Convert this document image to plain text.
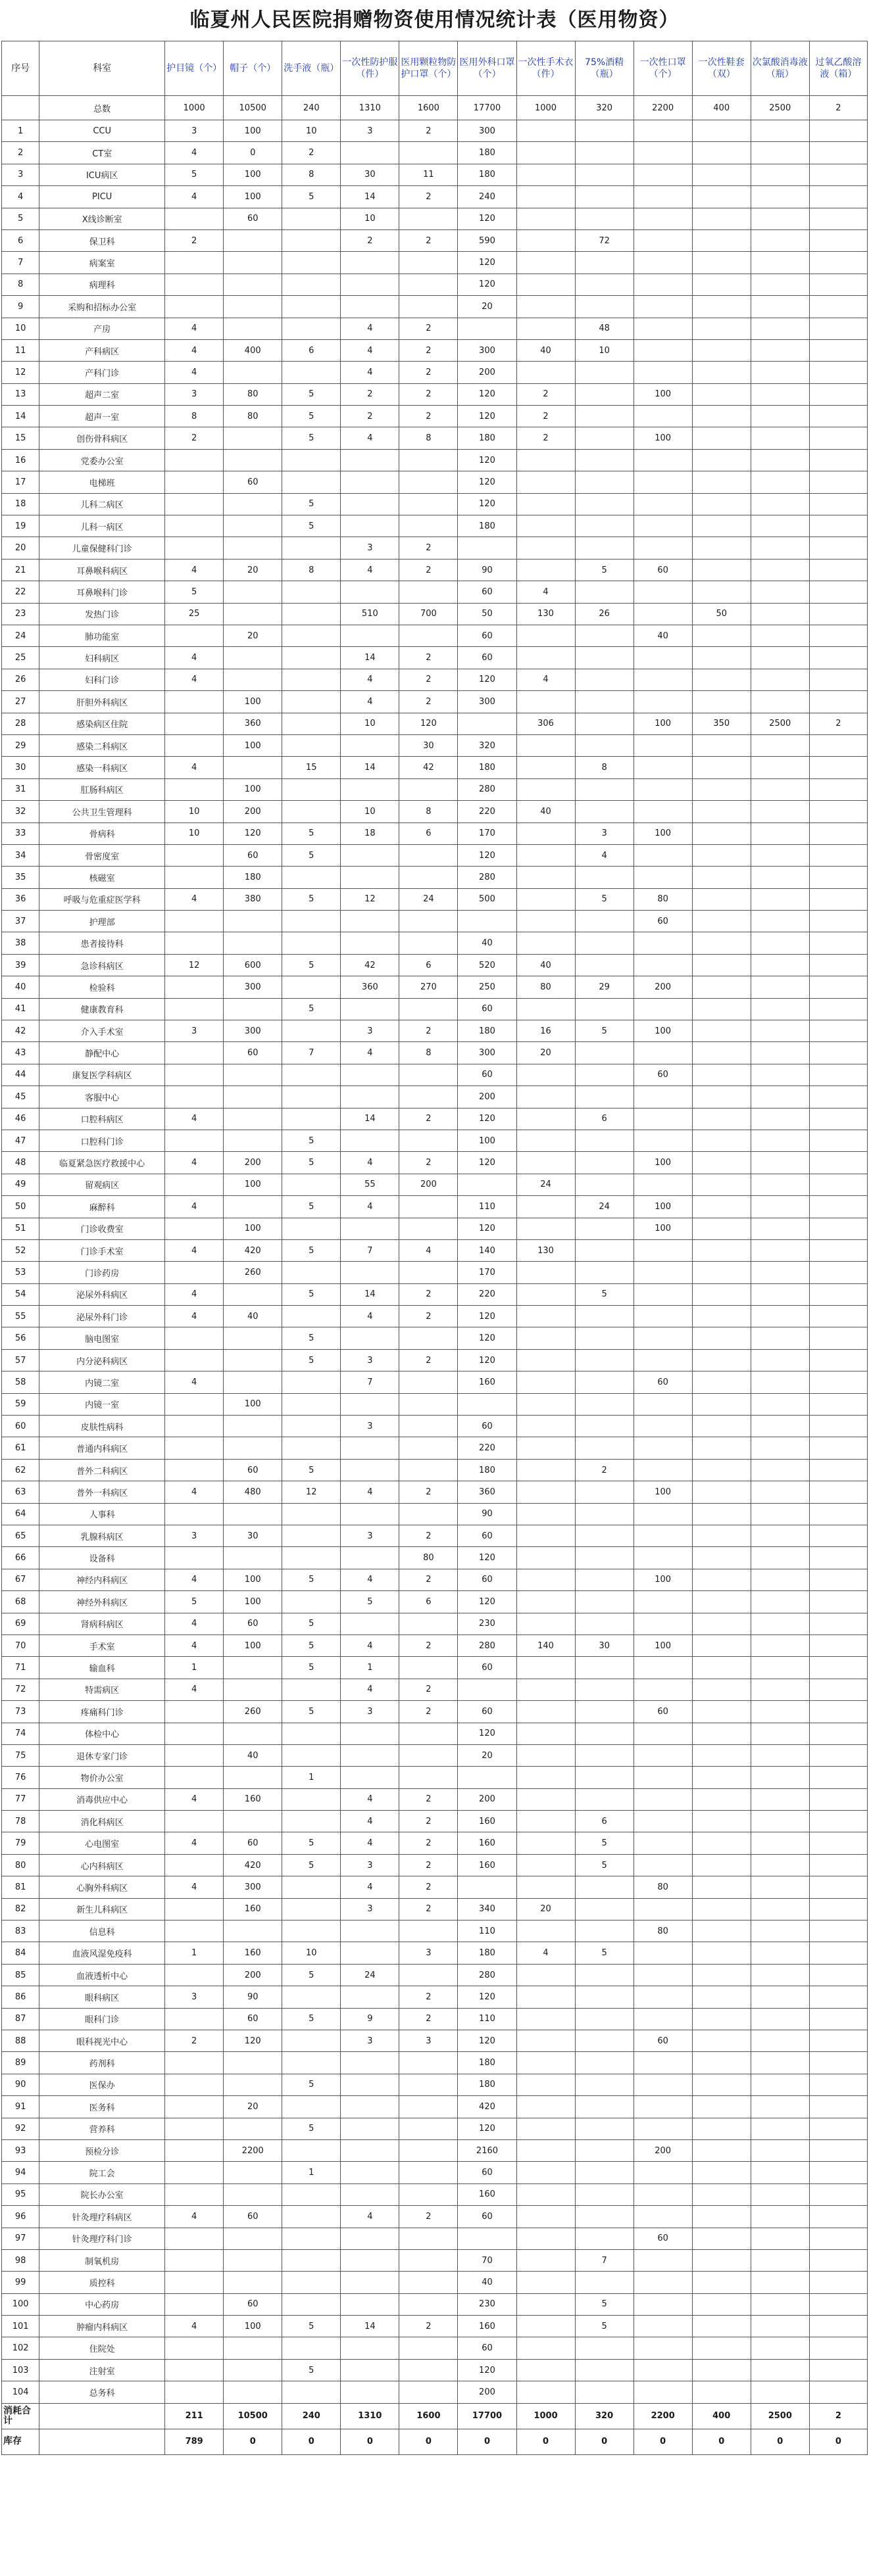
临夏州人民医院捐赠物资使用情况统计表（医用物资）
序号	科室	护目镜（个）	帽子（个）	洗手液（瓶）	一次性防护服（件）	医用颗粒物防护口罩（个）	医用外科口罩（个）	一次性手术衣（件）	75%酒精（瓶）	一次性口罩（个）	一次性鞋套（双）	次氯酸消毒液（瓶）	过氧乙酸溶液（箱）
	总数	1000	10500	240	1310	1600	17700	1000	320	2200	400	2500	2
1	CCU	3	100	10	3	2	300						
2	CT室	4	0	2			180						
3	ICU病区	5	100	8	30	11	180						
4	PICU	4	100	5	14	2	240						
5	X线诊断室		60		10		120						
6	保卫科	2			2	2	590		72				
7	病案室						120						
8	病理科						120						
9	采购和招标办公室						20						
10	产房	4			4	2			48				
11	产科病区	4	400	6	4	2	300	40	10				
12	产科门诊	4			4	2	200						
13	超声二室	3	80	5	2	2	120	2		100			
14	超声一室	8	80	5	2	2	120	2					
15	创伤骨科病区	2		5	4	8	180	2		100			
16	党委办公室						120						
17	电梯班		60				120						
18	儿科二病区			5			120						
19	儿科一病区			5			180						
20	儿童保健科门诊				3	2							
21	耳鼻喉科病区	4	20	8	4	2	90		5	60			
22	耳鼻喉科门诊	5					60	4					
23	发热门诊	25			510	700	50	130	26		50		
24	肺功能室		20				60			40			
25	妇科病区	4			14	2	60						
26	妇科门诊	4			4	2	120	4					
27	肝胆外科病区		100		4	2	300						
28	感染病区住院		360		10	120		306		100	350	2500	2
29	感染二科病区		100			30	320						
30	感染一科病区	4		15	14	42	180		8				
31	肛肠科病区		100				280						
32	公共卫生管理科	10	200		10	8	220	40					
33	骨病科	10	120	5	18	6	170		3	100			
34	骨密度室		60	5			120		4				
35	核磁室		180				280						
36	呼吸与危重症医学科	4	380	5	12	24	500		5	80			
37	护理部									60			
38	患者接待科						40						
39	急诊科病区	12	600	5	42	6	520	40					
40	检验科		300		360	270	250	80	29	200			
41	健康教育科			5			60						
42	介入手术室	3	300		3	2	180	16	5	100			
43	静配中心		60	7	4	8	300	20					
44	康复医学科病区						60			60			
45	客服中心						200						
46	口腔科病区	4			14	2	120		6				
47	口腔科门诊			5			100						
48	临夏紧急医疗救援中心	4	200	5	4	2	120			100			
49	留观病区		100		55	200		24					
50	麻醉科	4		5	4		110		24	100			
51	门诊收费室		100				120			100			
52	门诊手术室	4	420	5	7	4	140	130					
53	门诊药房		260				170						
54	泌尿外科病区	4		5	14	2	220		5				
55	泌尿外科门诊	4	40		4	2	120						
56	脑电图室			5			120						
57	内分泌科病区			5	3	2	120						
58	内镜二室	4			7		160			60			
59	内镜一室		100										
60	皮肤性病科				3		60						
61	普通内科病区						220						
62	普外二科病区		60	5			180		2				
63	普外一科病区	4	480	12	4	2	360			100			
64	人事科						90						
65	乳腺科病区	3	30		3	2	60						
66	设备科					80	120						
67	神经内科病区	4	100	5	4	2	60			100			
68	神经外科病区	5	100		5	6	120						
69	肾病科病区	4	60	5			230						
70	手术室	4	100	5	4	2	280	140	30	100			
71	输血科	1		5	1		60						
72	特需病区	4			4	2							
73	疼痛科门诊		260	5	3	2	60			60			
74	体检中心						120						
75	退休专家门诊		40				20						
76	物价办公室			1									
77	消毒供应中心	4	160		4	2	200						
78	消化科病区				4	2	160		6				
79	心电图室	4	60	5	4	2	160		5				
80	心内科病区		420	5	3	2	160		5				
81	心胸外科病区	4	300		4	2				80			
82	新生儿科病区		160		3	2	340	20					
83	信息科						110			80			
84	血液风湿免疫科	1	160	10		3	180	4	5				
85	血液透析中心		200	5	24		280						
86	眼科病区	3	90			2	120						
87	眼科门诊		60	5	9	2	110						
88	眼科视光中心	2	120		3	3	120			60			
89	药剂科						180						
90	医保办			5			180						
91	医务科		20				420						
92	营养科			5			120						
93	预检分诊		2200				2160			200			
94	院工会			1			60						
95	院长办公室						160						
96	针灸理疗科病区	4	60		4	2	60						
97	针灸理疗科门诊									60			
98	制氧机房						70		7				
99	质控科						40						
100	中心药房		60				230		5				
101	肿瘤内科病区	4	100	5	14	2	160		5				
102	住院处						60						
103	注射室			5			120						
104	总务科						200						
消耗合计		211	10500	240	1310	1600	17700	1000	320	2200	400	2500	2
库存		789	0	0	0	0	0	0	0	0	0	0	0
